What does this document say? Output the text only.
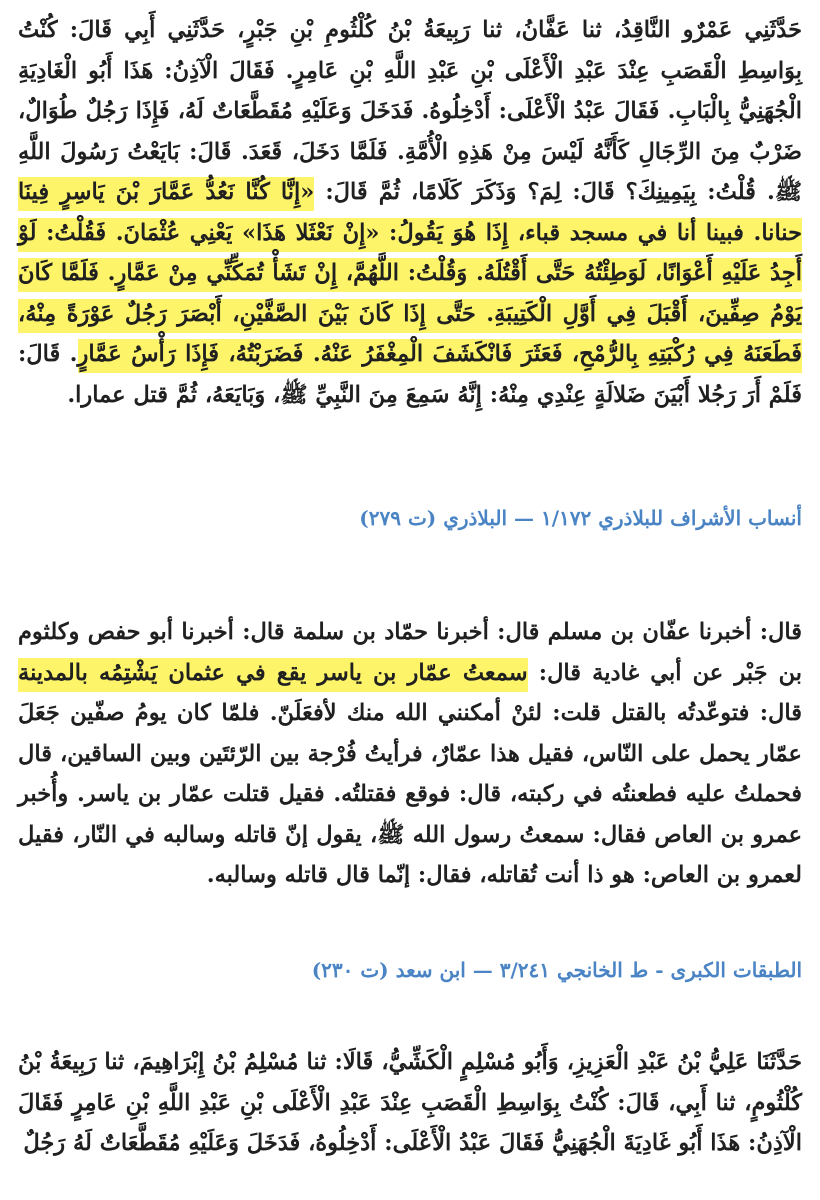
حَدَّثَنِي عَمْرٌو النَّاقِدُ، ثنا عَفَّانُ، ثنا رَبِيعَةُ بْنُ كُلْثُومِ بْنِ جَبْرٍ، حَدَّثَنِي أَبِي قَالَ: كُنْتُ بِوَاسِطِ الْقَصَبِ عِنْدَ عَبْدِ الْأَعْلَى بْنِ عَبْدِ اللَّهِ بْنِ عَامِرٍ. فَقَالَ الْآذِنُ: هَذَا أَبُو الْغَادِيَةِ الْجُهَنِيُّ بِالْبَابِ. فَقَالَ عَبْدُ الْأَعْلَى: أَدْخِلُوهُ. فَدَخَلَ وَعَلَيْهِ مُقَطَّعَاتٌ لَهُ، فَإِذَا رَجُلٌ طُوَالٌ، ضَرْبٌ مِنَ الرِّجَالِ كَأَنَّهُ لَيْسَ مِنْ هَذِهِ الْأُمَّةِ. فَلَمَّا دَخَلَ، قَعَدَ. قَالَ: بَايَعْتُ رَسُولَ اللَّهِ ﷺ. قُلْتُ: بِيَمِينِكَ؟ قَالَ: لِمَ؟ وَذَكَرَ كَلَامًا، ثُمَّ قَالَ: «إِنَّا كُنَّا نَعُدُّ عَمَّارَ بْنَ يَاسِرٍ فِينَا حنانا. فبينا أنا في مسجد قباء، إِذَا هُوَ يَقُولُ: «إِنْ نَعْثَلا هَذَا» يَعْنِي عُثْمَانَ. فَقُلْتُ: لَوْ أَجِدُ عَلَيْهِ أَعْوَانًا، لَوَطِئْتُهُ حَتَّى أَقْتُلَهُ. وَقُلْتُ: اللَّهُمَّ، إِنْ تَشَأْ تُمَكِّنِّي مِنْ عَمَّارٍ. فَلَمَّا كَانَ يَوْمُ صِفِّينَ، أَقْبَلَ فِي أَوَّلِ الْكَتِيبَةِ. حَتَّى إِذَا كَانَ بَيْنَ الصَّفَّيْنِ، أَبْصَرَ رَجُلٌ عَوْرَةً مِنْهُ، فَطَعَنَهُ فِي رُكْبَتِهِ بِالرُّمْحِ، فَعَثَرَ فَانْكَشَفَ الْمِغْفَرُ عَنْهُ. فَضَرَبْتُهُ، فَإِذَا رَأْسُ عَمَّارٍ. قَالَ: فَلَمْ أَرَ رَجُلا أَبْيَنَ ضَلالَةٍ عِنْدِي مِنْهُ: إِنَّهُ سَمِعَ مِنَ النَّبِيِّ ﷺ، وَبَايَعَهُ، ثُمَّ قتل عمارا.

أنساب الأشراف للبلاذري ١/١٧٢ — البلاذري (ت ٢٧٩)

قال: أخبرنا عفّان بن مسلم قال: أخبرنا حمّاد بن سلمة قال: أخبرنا أبو حفص وكلثوم بن جَبْر عن أبي غادية قال: سمعتُ عمّار بن ياسر يقع في عثمان يَشْتِمُه بالمدينة قال: فتوعّدتُه بالقتل قلت: لئنْ أمكنني الله منك لأفعَلَنّ. فلمّا كان يومُ صفّين جَعَلَ عمّار يحمل على النّاس، فقيل هذا عمّارٌ، فرأيتُ فُرْجة بين الرّئتَين وبين الساقين، قال فحملتُ عليه فطعنتُه في ركبته، قال: فوقع فقتلتُه. فقيل قتلت عمّار بن ياسر. وأُخبر عمرو بن العاص فقال: سمعتُ رسول الله ﷺ، يقول إنّ قاتله وسالبه في النّار، فقيل لعمرو بن العاص: هو ذا أنت تُقاتله، فقال: إنّما قال قاتله وسالبه.

الطبقات الكبرى - ط الخانجي ٣/٢٤١ — ابن سعد (ت ٢٣٠)

حَدَّثَنَا عَلِيُّ بْنُ عَبْدِ الْعَزِيزِ، وَأَبُو مُسْلِمٍ الْكَشِّيُّ، قَالَا: ثنا مُسْلِمُ بْنُ إِبْرَاهِيمَ، ثنا رَبِيعَةُ بْنُ كُلْثُومٍ، ثنا أَبِي، قَالَ: كُنْتُ بِوَاسِطِ الْقَصَبِ عِنْدَ عَبْدِ الْأَعْلَى بْنِ عَبْدِ اللَّهِ بْنِ عَامِرٍ فَقَالَ الْآذِنُ: هَذَا أَبُو غَادِيَةَ الْجُهَنِيُّ فَقَالَ عَبْدُ الْأَعْلَى: أَدْخِلُوهُ، فَدَخَلَ وَعَلَيْهِ مُقَطَّعَاتٌ لَهُ رَجُلٌ
